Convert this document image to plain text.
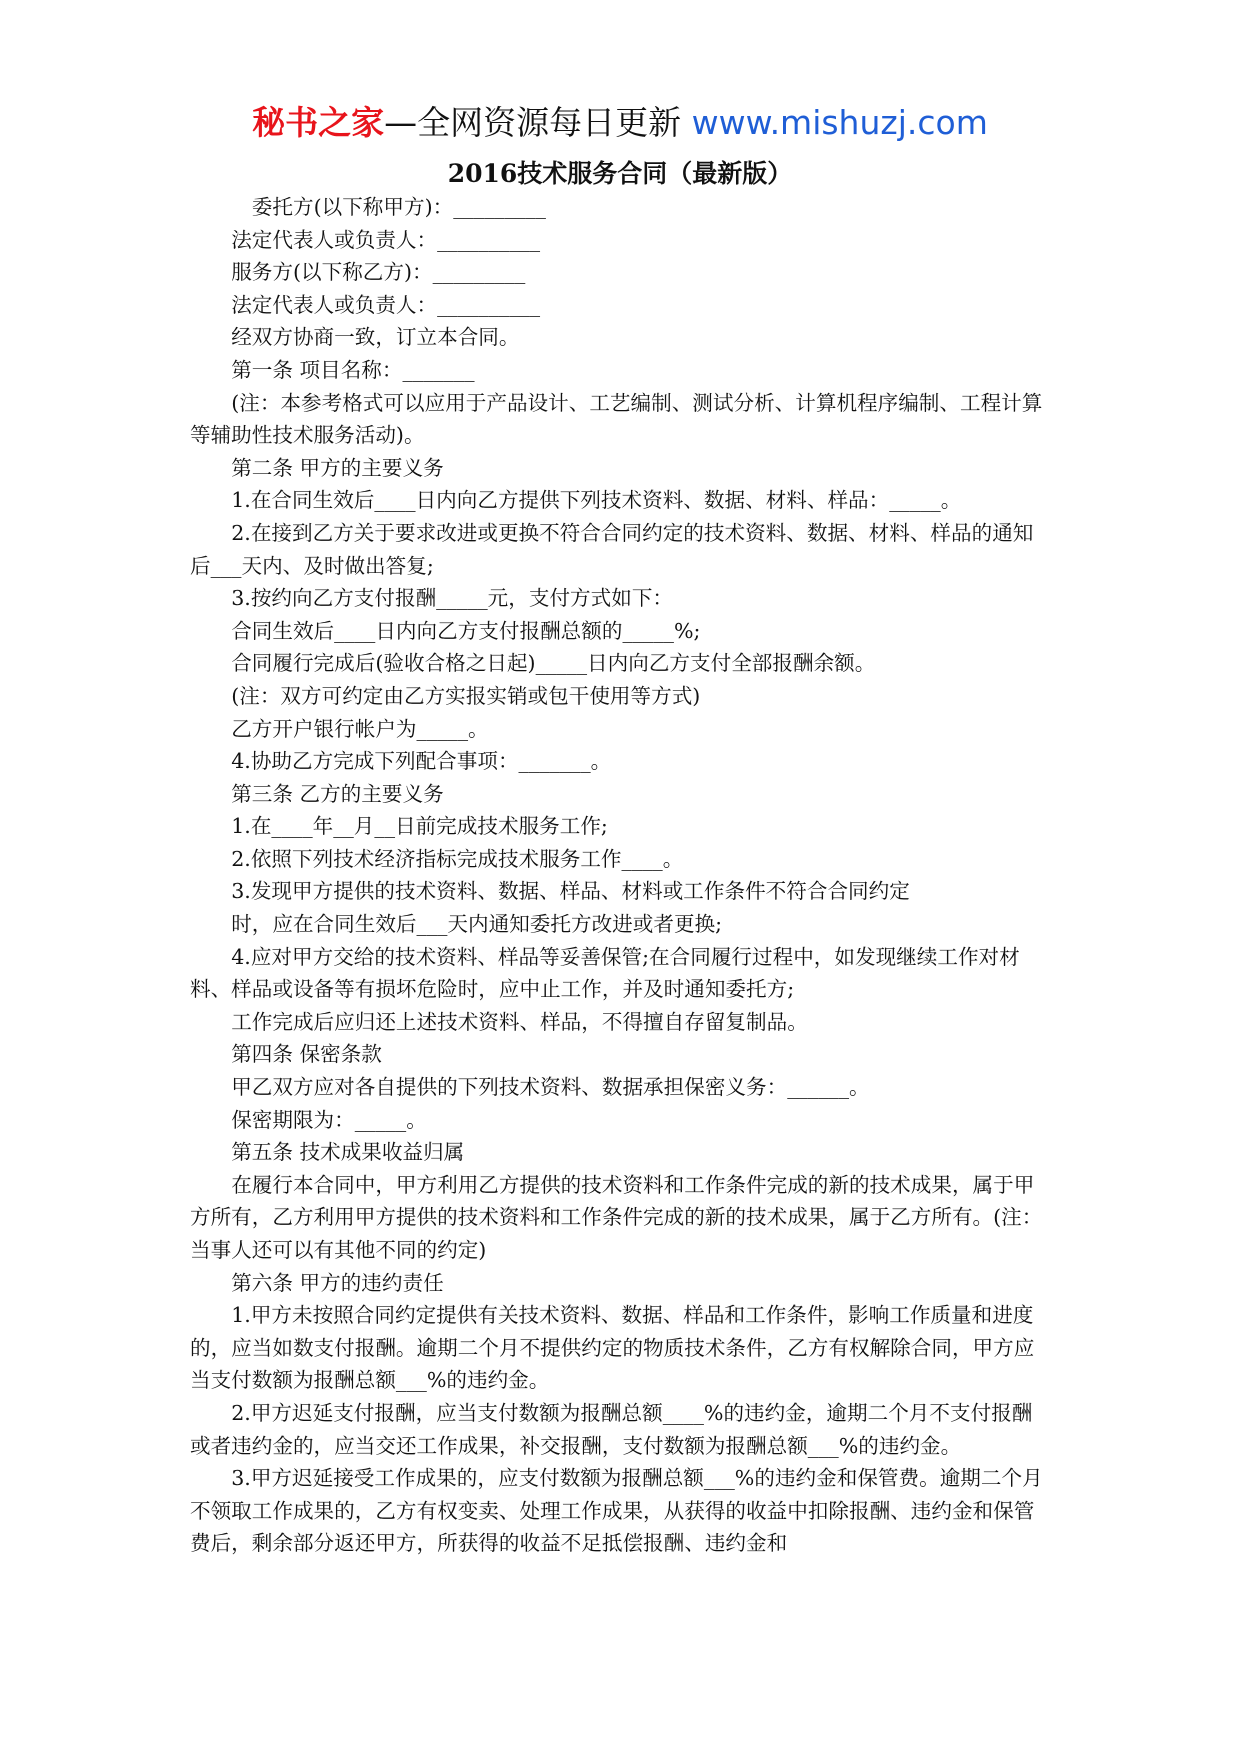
秘书之家—全网资源每日更新 www.mishuzj.com
2016技术服务合同（最新版）

委托方(以下称甲方)：_________

法定代表人或负责人：__________

服务方(以下称乙方)：_________

法定代表人或负责人：__________

经双方协商一致，订立本合同。

第一条 项目名称：_______

(注：本参考格式可以应用于产品设计、工艺编制、测试分析、计算机程序编制、工程计算等辅助性技术服务活动)。

第二条 甲方的主要义务

1.在合同生效后____日内向乙方提供下列技术资料、数据、材料、样品：_____。

2.在接到乙方关于要求改进或更换不符合合同约定的技术资料、数据、材料、样品的通知后___天内、及时做出答复;

3.按约向乙方支付报酬_____元，支付方式如下：

合同生效后____日内向乙方支付报酬总额的_____%;

合同履行完成后(验收合格之日起)_____日内向乙方支付全部报酬余额。

(注：双方可约定由乙方实报实销或包干使用等方式)

乙方开户银行帐户为_____。

4.协助乙方完成下列配合事项：_______。

第三条 乙方的主要义务

1.在____年__月__日前完成技术服务工作;

2.依照下列技术经济指标完成技术服务工作____。

3.发现甲方提供的技术资料、数据、样品、材料或工作条件不符合合同约定

时，应在合同生效后___天内通知委托方改进或者更换;

4.应对甲方交给的技术资料、样品等妥善保管;在合同履行过程中，如发现继续工作对材料、样品或设备等有损坏危险时，应中止工作，并及时通知委托方;

工作完成后应归还上述技术资料、样品，不得擅自存留复制品。

第四条 保密条款

甲乙双方应对各自提供的下列技术资料、数据承担保密义务：______。

保密期限为：_____。

第五条 技术成果收益归属

在履行本合同中，甲方利用乙方提供的技术资料和工作条件完成的新的技术成果，属于甲方所有，乙方利用甲方提供的技术资料和工作条件完成的新的技术成果，属于乙方所有。(注：当事人还可以有其他不同的约定)

第六条 甲方的违约责任

1.甲方未按照合同约定提供有关技术资料、数据、样品和工作条件，影响工作质量和进度的，应当如数支付报酬。逾期二个月不提供约定的物质技术条件，乙方有权解除合同，甲方应当支付数额为报酬总额___%的违约金。

2.甲方迟延支付报酬，应当支付数额为报酬总额____%的违约金，逾期二个月不支付报酬或者违约金的，应当交还工作成果，补交报酬，支付数额为报酬总额___%的违约金。

3.甲方迟延接受工作成果的，应支付数额为报酬总额___%的违约金和保管费。逾期二个月不领取工作成果的，乙方有权变卖、处理工作成果，从获得的收益中扣除报酬、违约金和保管费后，剩余部分返还甲方，所获得的收益不足抵偿报酬、违约金和
